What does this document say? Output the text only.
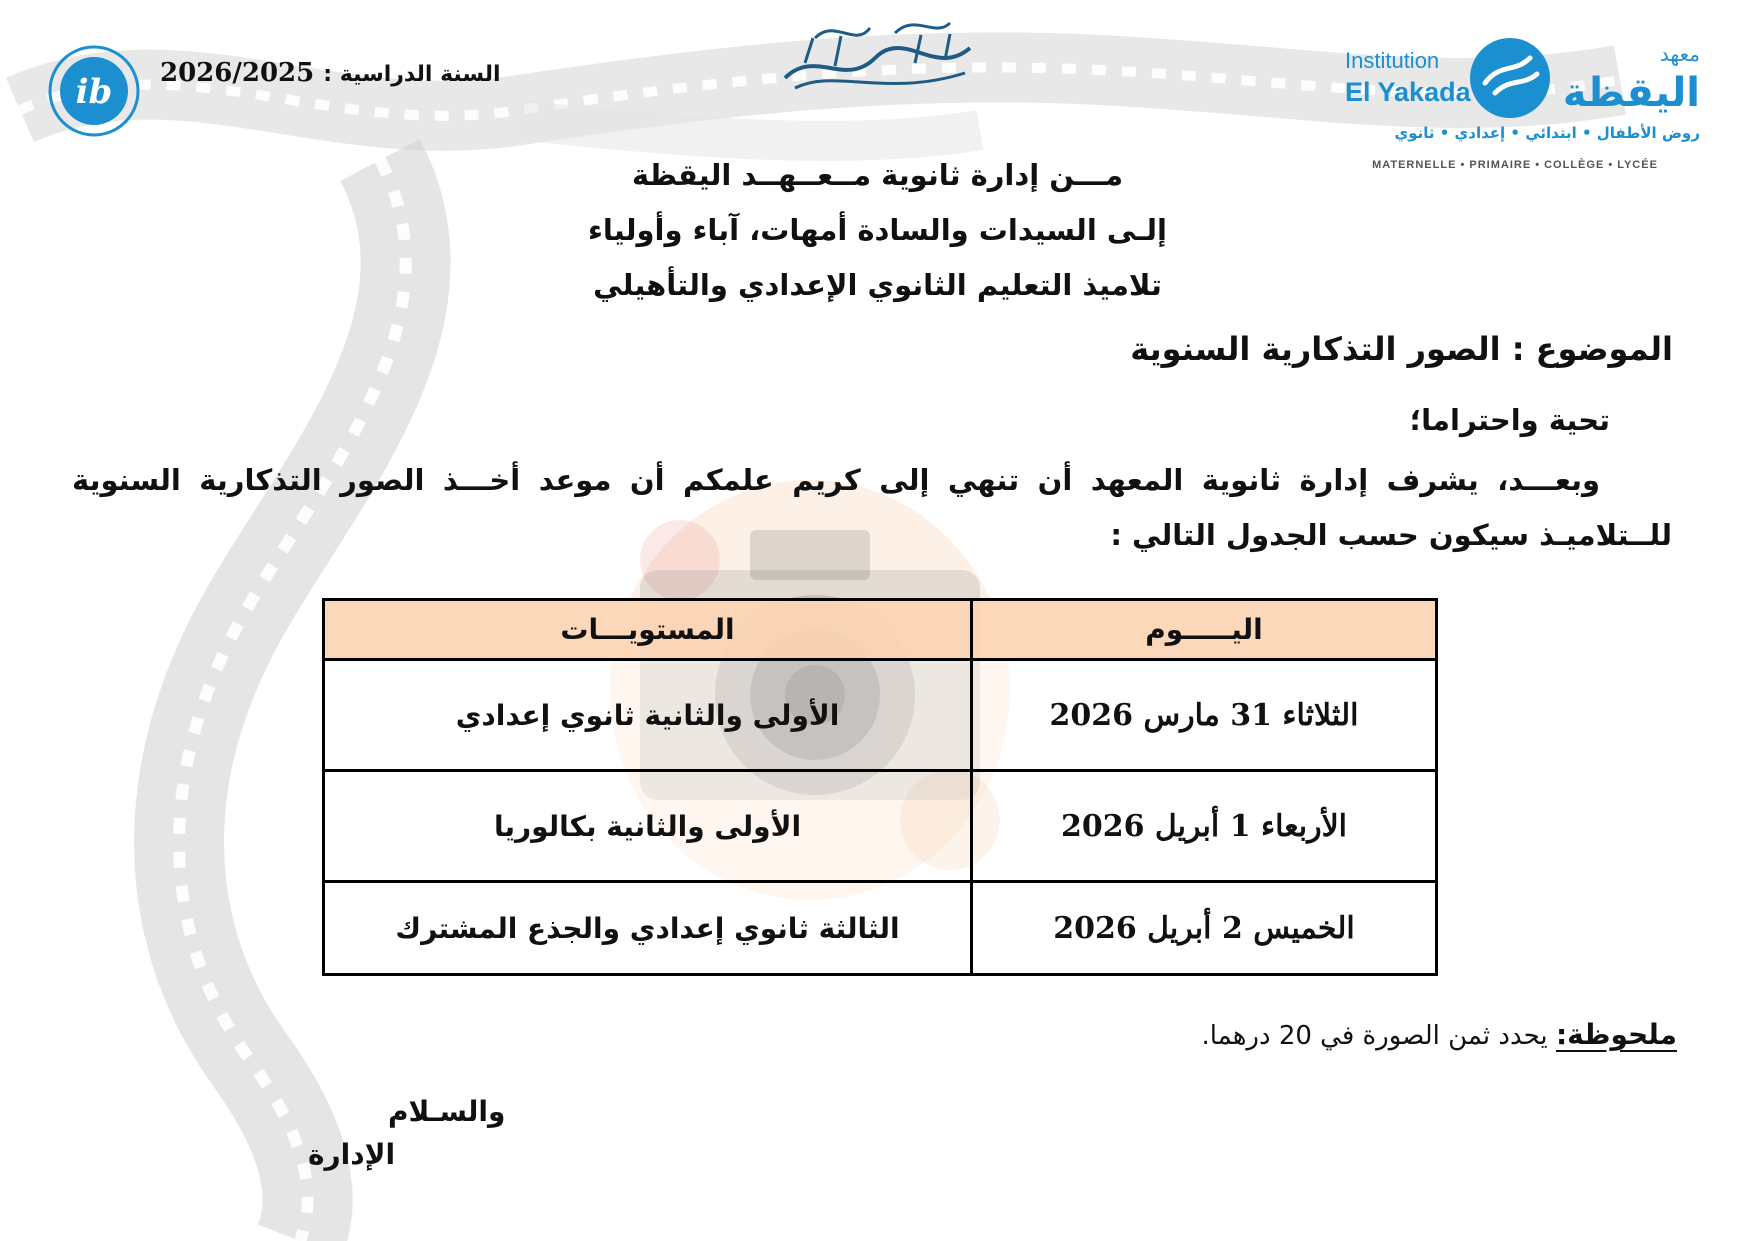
السنة الدراسية : 2026/2025
ib
Institution
El Yakada
معهد
اليقظة
روض الأطفال • ابتدائي • إعدادي • ثانوي
MATERNELLE • PRIMAIRE • COLLÈGE • LYCÉE
مـــن إدارة ثانوية مــعــهــد اليقظة
إلـى السيدات والسادة أمهات، آباء وأولياء
تلاميذ التعليم الثانوي الإعدادي والتأهيلي
الموضوع : الصور التذكارية السنوية
تحية واحتراما؛
وبعـــد، يشرف إدارة ثانوية المعهد أن تنهي إلى كريم علمكم أن موعد أخـــذ الصور التذكارية السنوية للــتلاميـذ سيكون حسب الجدول التالي :
اليـــــوم	المستويـــات
الثلاثاء 31 مارس 2026	الأولى والثانية ثانوي إعدادي
الأربعاء 1 أبريل 2026	الأولى والثانية بكالوريا
الخميس 2 أبريل 2026	الثالثة ثانوي إعدادي والجذع المشترك
ملحوظة: يحدد ثمن الصورة في 20 درهما.
والسـلام
الإدارة
